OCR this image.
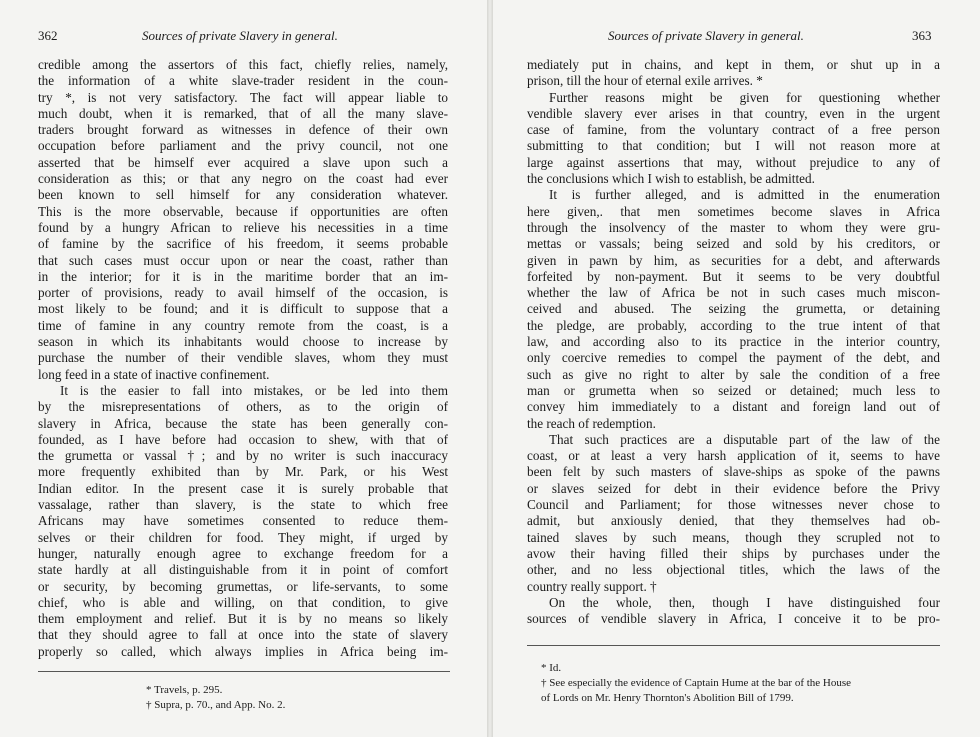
362	Sources of private Slavery in general.
credible among the assertors of this fact, chiefly relies, namely,
the information of a white slave-trader resident in the coun-
try *, is not very satisfactory. The fact will appear liable to
much doubt, when it is remarked, that of all the many slave-
traders brought forward as witnesses in defence of their own
occupation before parliament and the privy council, not one
asserted that be himself ever acquired a slave upon such a
consideration as this; or that any negro on the coast had ever
been known to sell himself for any consideration whatever.
This is the more observable, because if opportunities are often
found by a hungry African to relieve his necessities in a time
of famine by the sacrifice of his freedom, it seems probable
that such cases must occur upon or near the coast, rather than
in the interior; for it is in the maritime border that an im-
porter of provisions, ready to avail himself of the occasion, is
most likely to be found; and it is difficult to suppose that a
time of famine in any country remote from the coast, is a
season in which its inhabitants would choose to increase by
purchase the number of their vendible slaves, whom they must
long feed in a state of inactive confinement.
It is the easier to fall into mistakes, or be led into them
by the misrepresentations of others, as to the origin of
slavery in Africa, because the state has been generally con-
founded, as I have before had occasion to shew, with that of
the grumetta or vassal †; and by no writer is such inaccuracy
more frequently exhibited than by Mr. Park, or his West
Indian editor. In the present case it is surely probable that
vassalage, rather than slavery, is the state to which free
Africans may have sometimes consented to reduce them-
selves or their children for food. They might, if urged by
hunger, naturally enough agree to exchange freedom for a
state hardly at all distinguishable from it in point of comfort
or security, by becoming grumettas, or life-servants, to some
chief, who is able and willing, on that condition, to give
them employment and relief. But it is by no means so likely
that they should agree to fall at once into the state of slavery
properly so called, which always implies in Africa being im-
* Travels, p. 295.
† Supra, p. 70., and App. No. 2.
Sources of private Slavery in general.	363
mediately put in chains, and kept in them, or shut up in a
prison, till the hour of eternal exile arrives. *
Further reasons might be given for questioning whether
vendible slavery ever arises in that country, even in the urgent
case of famine, from the voluntary contract of a free person
submitting to that condition; but I will not reason more at
large against assertions that may, without prejudice to any of
the conclusions which I wish to establish, be admitted.
It is further alleged, and is admitted in the enumeration
here given,. that men sometimes become slaves in Africa
through the insolvency of the master to whom they were gru-
mettas or vassals; being seized and sold by his creditors, or
given in pawn by him, as securities for a debt, and afterwards
forfeited by non-payment. But it seems to be very doubtful
whether the law of Africa be not in such cases much miscon-
ceived and abused. The seizing the grumetta, or detaining
the pledge, are probably, according to the true intent of that
law, and according also to its practice in the interior country,
only coercive remedies to compel the payment of the debt, and
such as give no right to alter by sale the condition of a free
man or grumetta when so seized or detained; much less to
convey him immediately to a distant and foreign land out of
the reach of redemption.
That such practices are a disputable part of the law of the
coast, or at least a very harsh application of it, seems to have
been felt by such masters of slave-ships as spoke of the pawns
or slaves seized for debt in their evidence before the Privy
Council and Parliament; for those witnesses never chose to
admit, but anxiously denied, that they themselves had ob-
tained slaves by such means, though they scrupled not to
avow their having filled their ships by purchases under the
other, and no less objectional titles, which the laws of the
country really support. †
On the whole, then, though I have distinguished four
sources of vendible slavery in Africa, I conceive it to be pro-
* Id.
† See especially the evidence of Captain Hume at the bar of the House
of Lords on Mr. Henry Thornton's Abolition Bill of 1799.
